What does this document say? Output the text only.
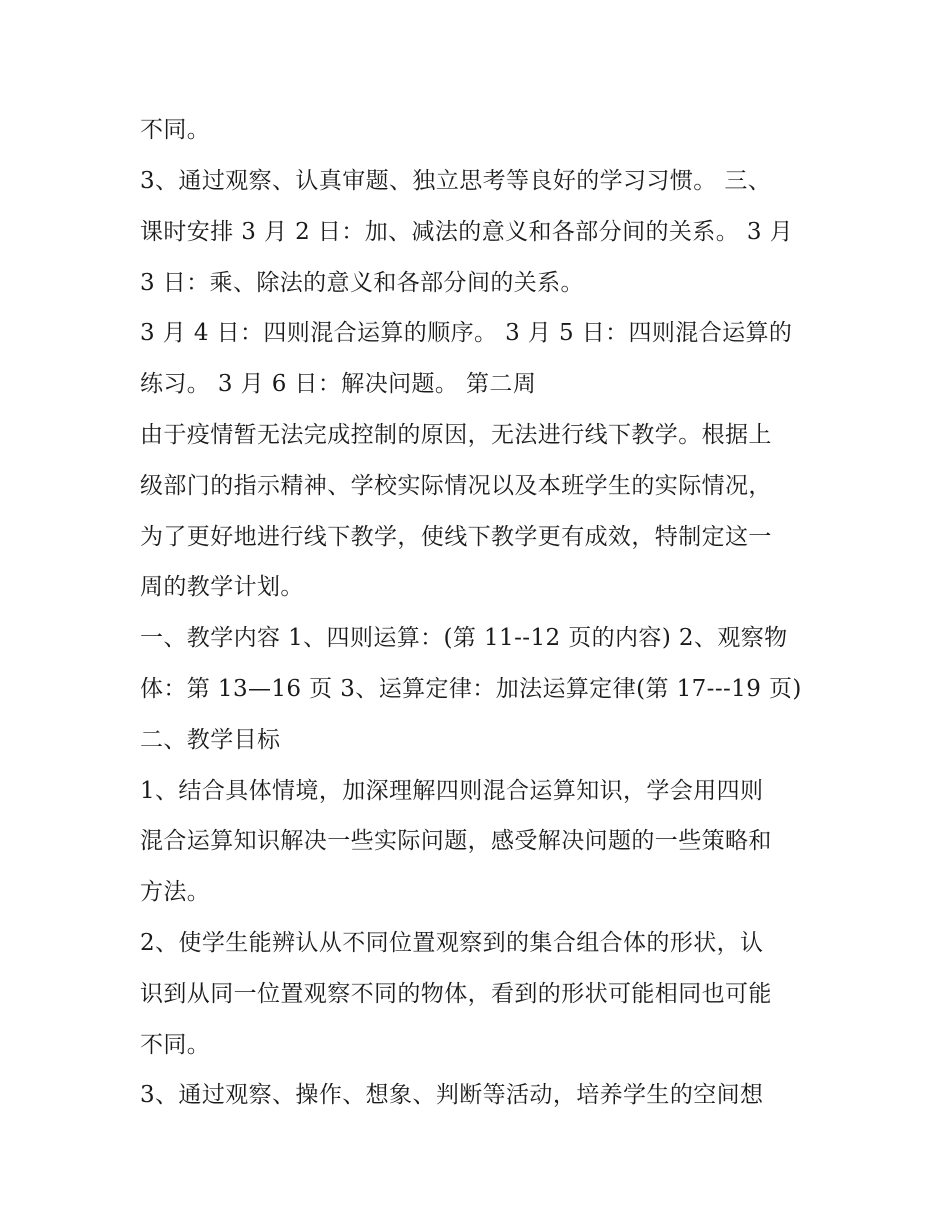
不同。
3、通过观察、认真审题、独立思考等良好的学习习惯。 三、
课时安排 3 月 2 日：加、减法的意义和各部分间的关系。 3 月
3 日：乘、除法的意义和各部分间的关系。
3 月 4 日：四则混合运算的顺序。 3 月 5 日：四则混合运算的
练习。 3 月 6 日：解决问题。 第二周
由于疫情暂无法完成控制的原因，无法进行线下教学。根据上
级部门的指示精神、学校实际情况以及本班学生的实际情况，
为了更好地进行线下教学，使线下教学更有成效，特制定这一
周的教学计划。
一、教学内容 1、四则运算：(第 11--12 页的内容) 2、观察物
体：第 13—16 页 3、运算定律：加法运算定律(第 17---19 页)
二、教学目标
1、结合具体情境，加深理解四则混合运算知识，学会用四则
混合运算知识解决一些实际问题，感受解决问题的一些策略和
方法。
2、使学生能辨认从不同位置观察到的集合组合体的形状，认
识到从同一位置观察不同的物体，看到的形状可能相同也可能
不同。
3、通过观察、操作、想象、判断等活动，培养学生的空间想
